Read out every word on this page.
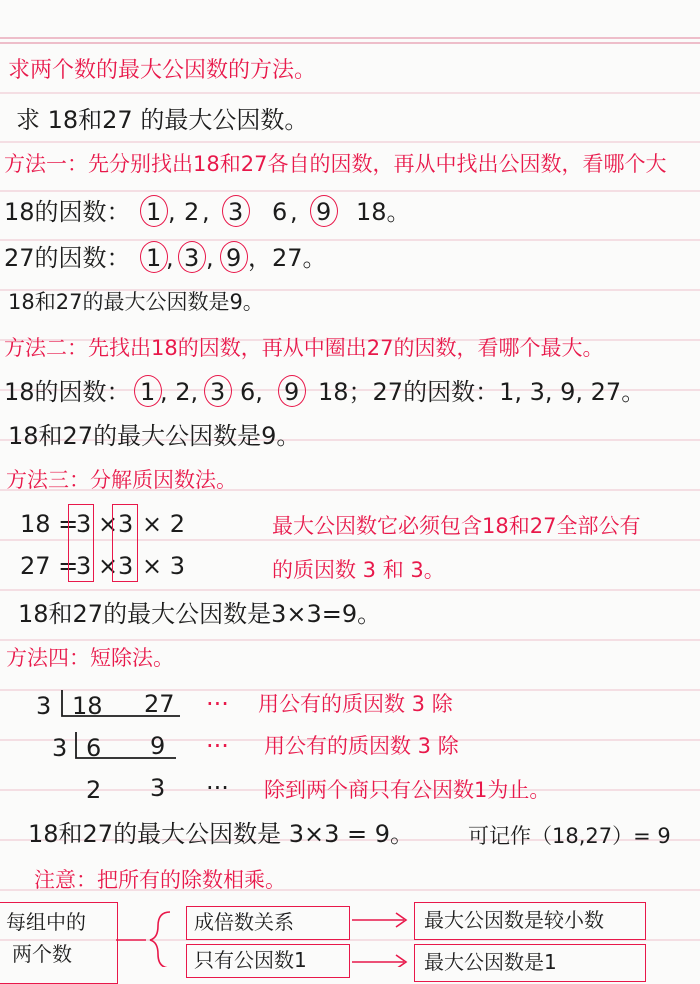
求两个数的最大公因数的方法。
求 18和27 的最大公因数。
方法一：先分别找出18和27各自的因数，再从中找出公因数，看哪个大
18的因数： 1 , 2 , 3 6 , 9 18。
27的因数： 1 , 3 , 9 ，27。
18和27的最大公因数是9。
方法二：先找出18的因数，再从中圈出27的因数，看哪个最大。
18的因数： 1 , 2, 3 6, 9 18；27的因数：1, 3, 9, 27。
18和27的最大公因数是9。
方法三：分解质因数法。
18 =
3 × 3 × 2
27 =
3 × 3 × 3
最大公因数它必须包含18和27全部公有
的质因数 3 和 3。
18和27的最大公因数是3×3=9。
方法四：短除法。
3 18 27 ··· 用公有的质因数 3 除
3 6 9 ··· 用公有的质因数 3 除
2 3 ··· 除到两个商只有公因数1为止。
18和27的最大公因数是 3×3 = 9。	可记作（18,27）= 9
注意：把所有的除数相乘。
每组中的
两个数
成倍数关系
只有公因数1
最大公因数是较小数
最大公因数是1
